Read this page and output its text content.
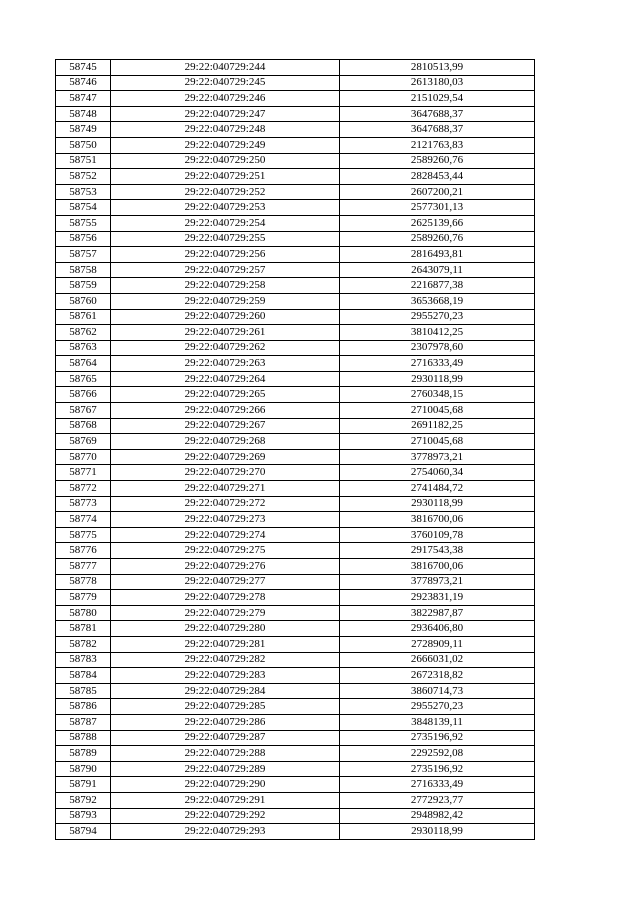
58745	29:22:040729:244	2810513,99
58746	29:22:040729:245	2613180,03
58747	29:22:040729:246	2151029,54
58748	29:22:040729:247	3647688,37
58749	29:22:040729:248	3647688,37
58750	29:22:040729:249	2121763,83
58751	29:22:040729:250	2589260,76
58752	29:22:040729:251	2828453,44
58753	29:22:040729:252	2607200,21
58754	29:22:040729:253	2577301,13
58755	29:22:040729:254	2625139,66
58756	29:22:040729:255	2589260,76
58757	29:22:040729:256	2816493,81
58758	29:22:040729:257	2643079,11
58759	29:22:040729:258	2216877,38
58760	29:22:040729:259	3653668,19
58761	29:22:040729:260	2955270,23
58762	29:22:040729:261	3810412,25
58763	29:22:040729:262	2307978,60
58764	29:22:040729:263	2716333,49
58765	29:22:040729:264	2930118,99
58766	29:22:040729:265	2760348,15
58767	29:22:040729:266	2710045,68
58768	29:22:040729:267	2691182,25
58769	29:22:040729:268	2710045,68
58770	29:22:040729:269	3778973,21
58771	29:22:040729:270	2754060,34
58772	29:22:040729:271	2741484,72
58773	29:22:040729:272	2930118,99
58774	29:22:040729:273	3816700,06
58775	29:22:040729:274	3760109,78
58776	29:22:040729:275	2917543,38
58777	29:22:040729:276	3816700,06
58778	29:22:040729:277	3778973,21
58779	29:22:040729:278	2923831,19
58780	29:22:040729:279	3822987,87
58781	29:22:040729:280	2936406,80
58782	29:22:040729:281	2728909,11
58783	29:22:040729:282	2666031,02
58784	29:22:040729:283	2672318,82
58785	29:22:040729:284	3860714,73
58786	29:22:040729:285	2955270,23
58787	29:22:040729:286	3848139,11
58788	29:22:040729:287	2735196,92
58789	29:22:040729:288	2292592,08
58790	29:22:040729:289	2735196,92
58791	29:22:040729:290	2716333,49
58792	29:22:040729:291	2772923,77
58793	29:22:040729:292	2948982,42
58794	29:22:040729:293	2930118,99
